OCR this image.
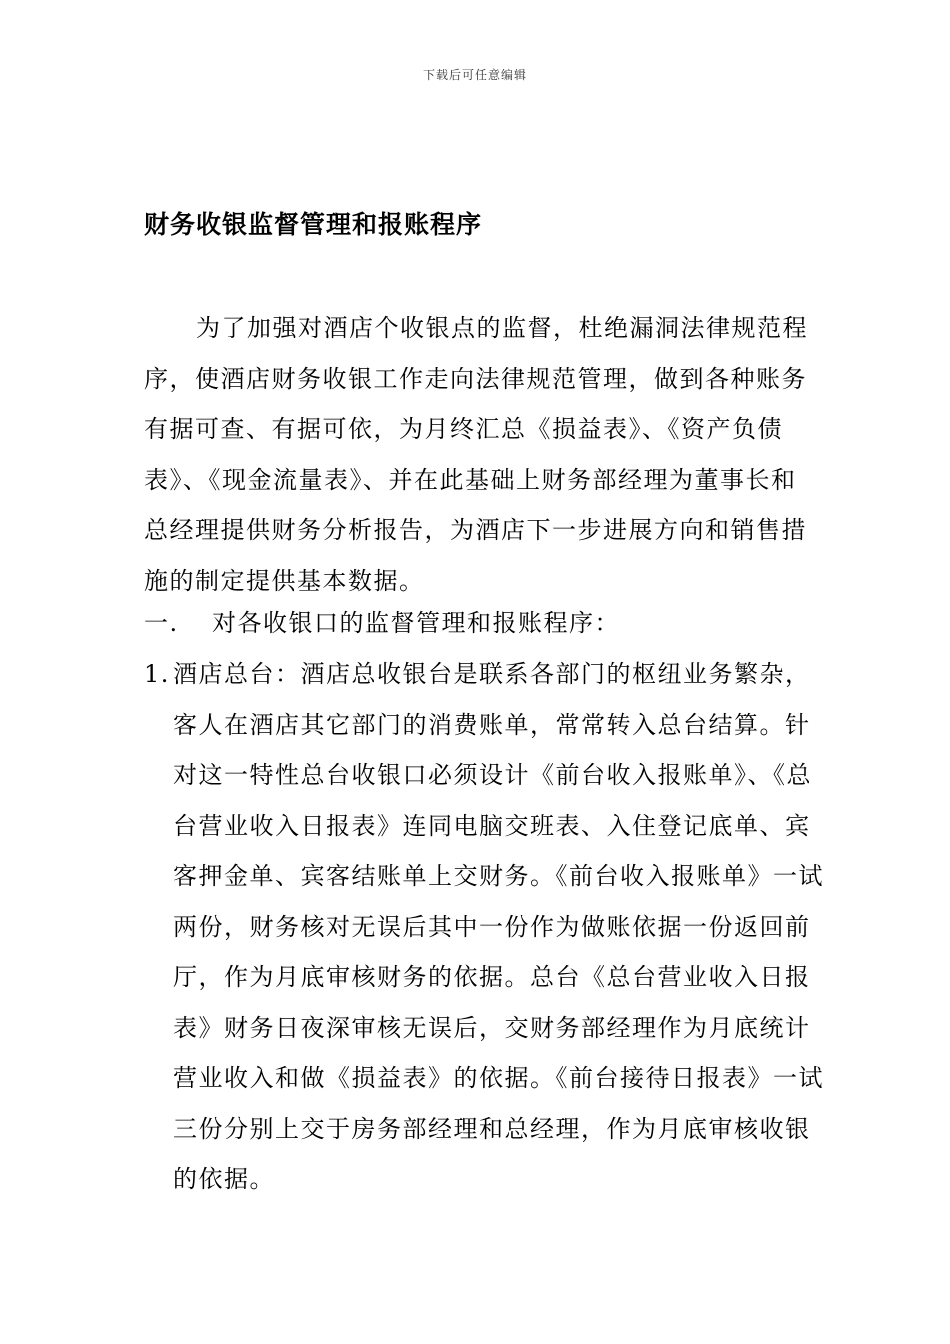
下载后可任意编辑
财务收银监督管理和报账程序

为了加强对酒店个收银点的监督，杜绝漏洞法律规范程序，使酒店财务收银工作走向法律规范管理，做到各种账务有据可查、有据可依，为月终汇总《损益表》、《资产负债表》、《现金流量表》、并在此基础上财务部经理为董事长和总经理提供财务分析报告，为酒店下一步进展方向和销售措施的制定提供基本数据。

一. 对各收银口的监督管理和报账程序：

1. 酒店总台：酒店总收银台是联系各部门的枢纽业务繁杂，客人在酒店其它部门的消费账单，常常转入总台结算。针对这一特性总台收银口必须设计《前台收入报账单》、《总台营业收入日报表》连同电脑交班表、入住登记底单、宾客押金单、宾客结账单上交财务。《前台收入报账单》一试两份，财务核对无误后其中一份作为做账依据一份返回前厅，作为月底审核财务的依据。总台《总台营业收入日报表》财务日夜深审核无误后，交财务部经理作为月底统计营业收入和做《损益表》的依据。《前台接待日报表》一试三份分别上交于房务部经理和总经理，作为月底审核收银的依据。
